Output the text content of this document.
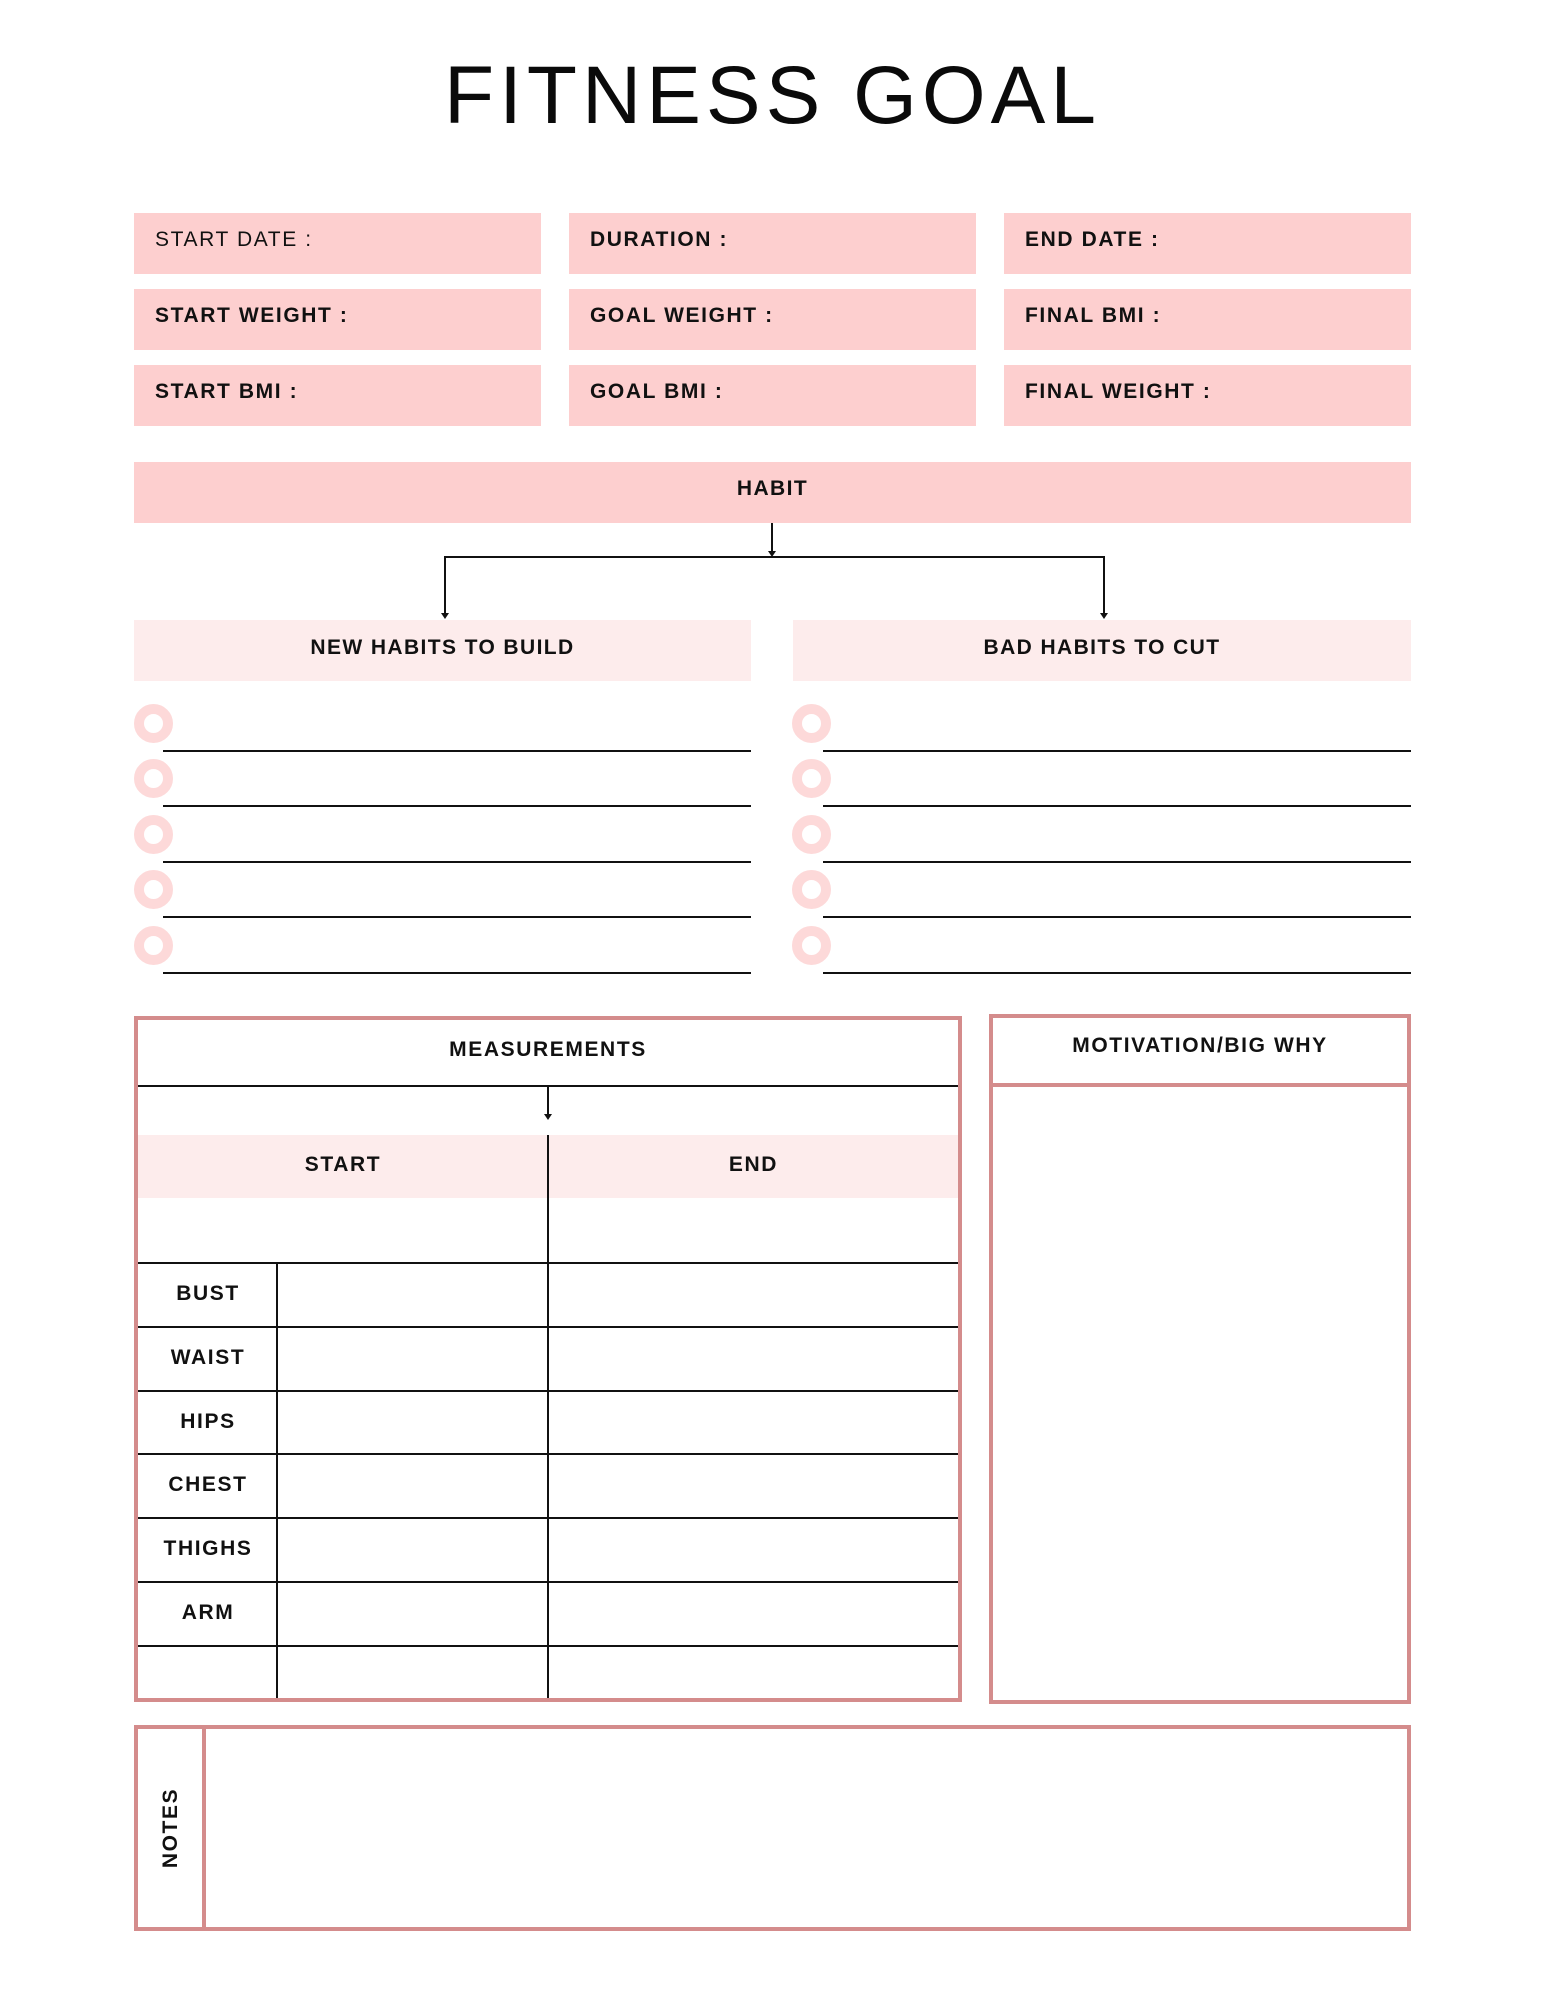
FITNESS GOAL
START DATE :	DURATION :	END DATE :
START WEIGHT :	GOAL WEIGHT :	FINAL BMI :
START BMI :	GOAL BMI :	FINAL WEIGHT :
HABIT
NEW HABITS TO BUILD	BAD HABITS TO CUT
MEASUREMENTS
START	END
BUST
WAIST
HIPS
CHEST
THIGHS
ARM
MOTIVATION/BIG WHY
NOTES
